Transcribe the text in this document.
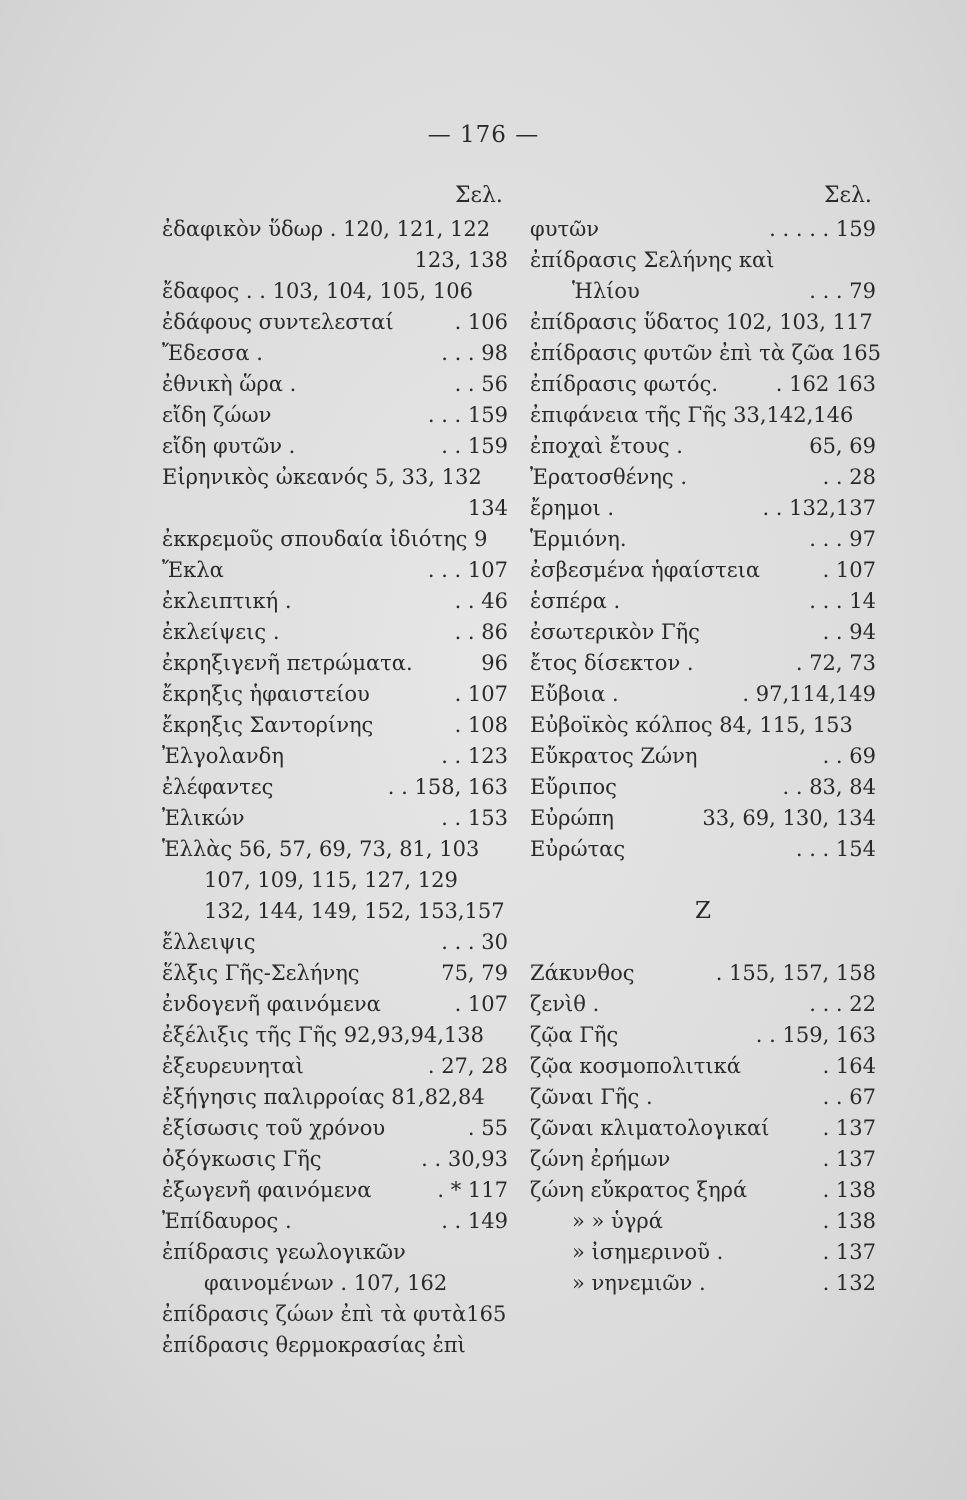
— 176 —
Σελ.	Σελ.
ἐδαφικὸν ὕδωρ . 120, 121, 122
123, 138
ἔδαφος . . 103, 104, 105, 106
ἐδάφους συντελεσταί	. 106
Ἔδεσσα .	. . . 98
ἐθνικὴ ὥρα .	. . 56
εἴδη ζώων	. . . 159
εἴδη φυτῶν .	. . 159
Εἰρηνικὸς ὠκεανός 5, 33, 132
134
ἐκκρεμοῦς σπουδαία ἰδιότης 9
Ἔκλα	. . . 107
ἐκλειπτική .	. . 46
ἐκλείψεις .	. . 86
ἐκρηξιγενῆ πετρώματα.	96
ἔκρηξις ἡφαιστείου	. 107
ἔκρηξις Σαντορίνης	. 108
Ἐλγολανδη	. . 123
ἐλέφαντες	. . 158, 163
Ἐλικών	. . 153
Ἑλλὰς 56, 57, 69, 73, 81, 103
107, 109, 115, 127, 129
132, 144, 149, 152, 153,157
ἔλλειψις	. . . 30
ἕλξις Γῆς-Σελήνης	75, 79
ἐνδογενῆ φαινόμενα	. 107
ἐξέλιξις τῆς Γῆς 92,93,94,138
ἐξευρευνηταὶ	. 27, 28
ἐξήγησις παλιρροίας 81,82,84
ἐξίσωσις τοῦ χρόνου	. 55
ὀξόγκωσις Γῆς	. . 30,93
ἐξωγενῆ φαινόμενα	. * 117
Ἐπίδαυρος .	. . 149
ἐπίδρασις γεωλογικῶν
φαινομένων . 107, 162
ἐπίδρασις ζώων ἐπὶ τὰ φυτὰ165
ἐπίδρασις θερμοκρασίας ἐπὶ
φυτῶν	. . . . . 159
ἐπίδρασις Σελήνης καὶ
Ἡλίου	. . . 79
ἐπίδρασις ὕδατος 102, 103, 117
ἐπίδρασις φυτῶν ἐπὶ τὰ ζῶα 165
ἐπίδρασις φωτός.	. 162 163
ἐπιφάνεια τῆς Γῆς 33,142,146
ἐποχαὶ ἔτους .	65, 69
Ἐρατοσθένης .	. . 28
ἔρημοι .	. . 132,137
Ἑρμιόνη.	. . . 97
ἐσβεσμένα ἡφαίστεια	. 107
ἑσπέρα .	. . . 14
ἐσωτερικὸν Γῆς	. . 94
ἔτος δίσεκτον .	. 72, 73
Εὔβοια .	. 97,114,149
Εὐβοϊκὸς κόλπος 84, 115, 153
Εὔκρατος Ζώνη	. . 69
Εὔριπος	. . 83, 84
Εὐρώπη	33, 69, 130, 134
Εὐρώτας	. . . 154
Ζ
Ζάκυνθος	. 155, 157, 158
ζενὶθ .	. . . 22
ζῷα Γῆς	. . 159, 163
ζῷα κοσμοπολιτικά	. 164
ζῶναι Γῆς .	. . 67
ζῶναι κλιματολογικαί	. 137
ζώνη ἐρήμων	. 137
ζώνη εὔκρατος ξηρά	. 138
» » ὑγρά	. 138
» ἰσημερινοῦ .	. 137
» νηνεμιῶν .	. 132
